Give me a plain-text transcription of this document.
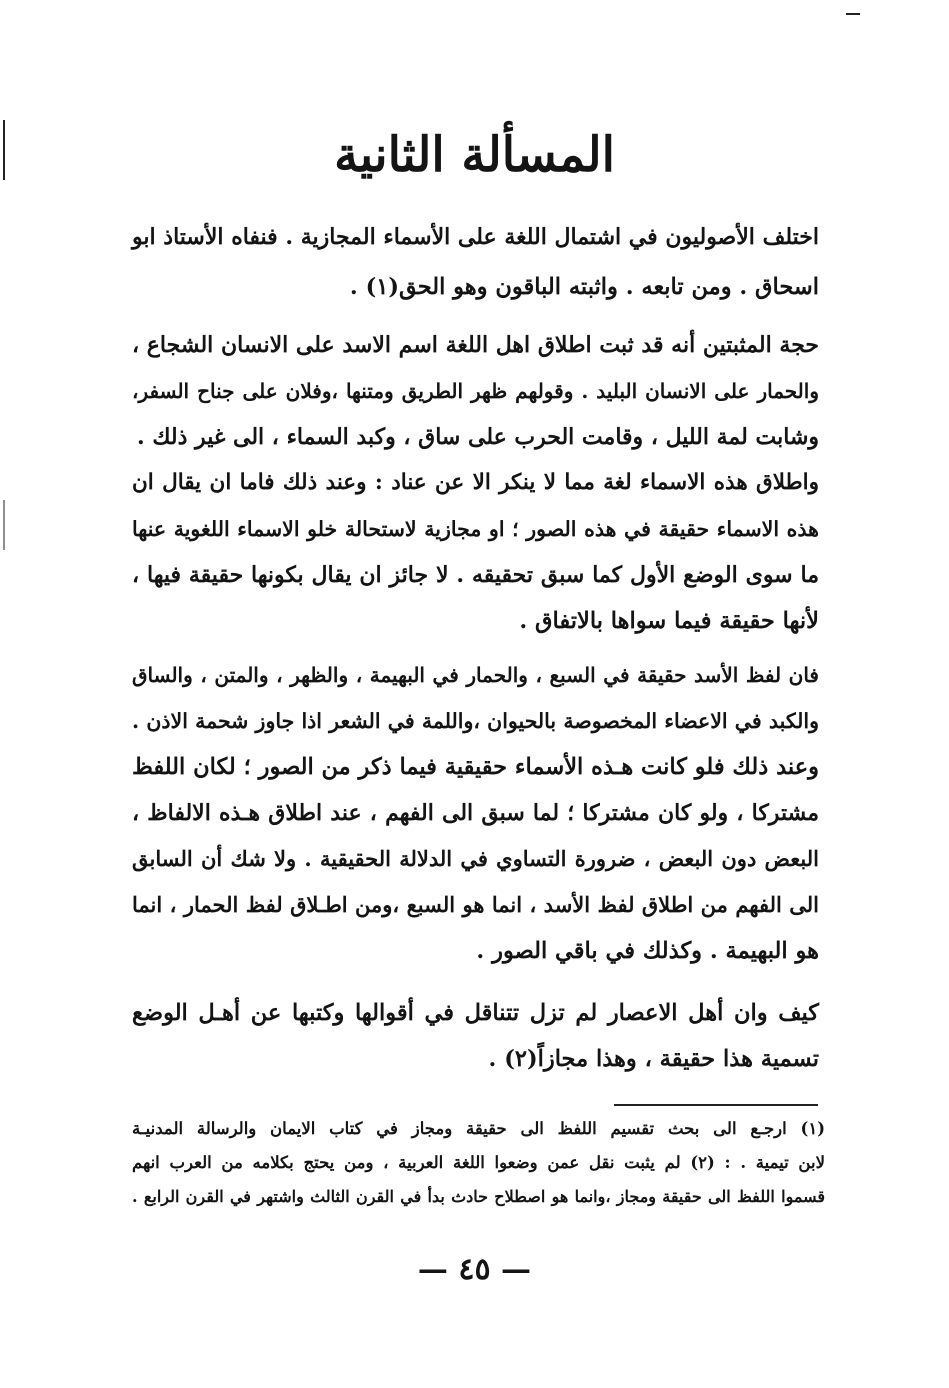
المسألة الثانية
اختلف الأصوليون في اشتمال اللغة على الأسماء المجازية . فنفاه الأستاذ ابو
اسحاق . ومن تابعه . واثبته الباقون وهو الحق(١) .
حجة المثبتين أنه قد ثبت اطلاق اهل اللغة اسم الاسد على الانسان الشجاع ،
والحمار على الانسان البليد . وقولهم ظهر الطريق ومتنها ،وفلان على جناح السفر،
وشابت لمة الليل ، وقامت الحرب على ساق ، وكبد السماء ، الى غير ذلك .
واطلاق هذه الاسماء لغة مما لا ينكر الا عن عناد : وعند ذلك فاما ان يقال ان
هذه الاسماء حقيقة في هذه الصور ؛ او مجازية لاستحالة خلو الاسماء اللغوية عنها
ما سوى الوضع الأول كما سبق تحقيقه . لا جائز ان يقال بكونها حقيقة فيها ،
لأنها حقيقة فيما سواها بالاتفاق .
فان لفظ الأسد حقيقة في السبع ، والحمار في البهيمة ، والظهر ، والمتن ، والساق
والكبد في الاعضاء المخصوصة بالحيوان ،واللمة في الشعر اذا جاوز شحمة الاذن .
وعند ذلك فلو كانت هـذه الأسماء حقيقية فيما ذكر من الصور ؛ لكان اللفظ
مشتركا ، ولو كان مشتركا ؛ لما سبق الى الفهم ، عند اطلاق هـذه الالفاظ ،
البعض دون البعض ، ضرورة التساوي في الدلالة الحقيقية . ولا شك أن السابق
الى الفهم من اطلاق لفظ الأسد ، انما هو السبع ،ومن اطـلاق لفظ الحمار ، انما
هو البهيمة . وكذلك في باقي الصور .
كيف وان أهل الاعصار لم تزل تتناقل في أقوالها وكتبها عن أهـل الوضع
تسمية هذا حقيقة ، وهذا مجازاً(٢) .
(١) ارجـع الى بحث تقسيم اللفظ الى حقيقة ومجاز في كتاب الايمان والرسالة المدنيـة
لابن تيمية . : (٢) لم يثبت نقل عمن وضعوا اللغة العربية ، ومن يحتج بكلامه من العرب انهم
قسموا اللفظ الى حقيقة ومجاز ،وانما هو اصطلاح حادث بدأ في القرن الثالث واشتهر في القرن الرابع .
— ٤٥ —
